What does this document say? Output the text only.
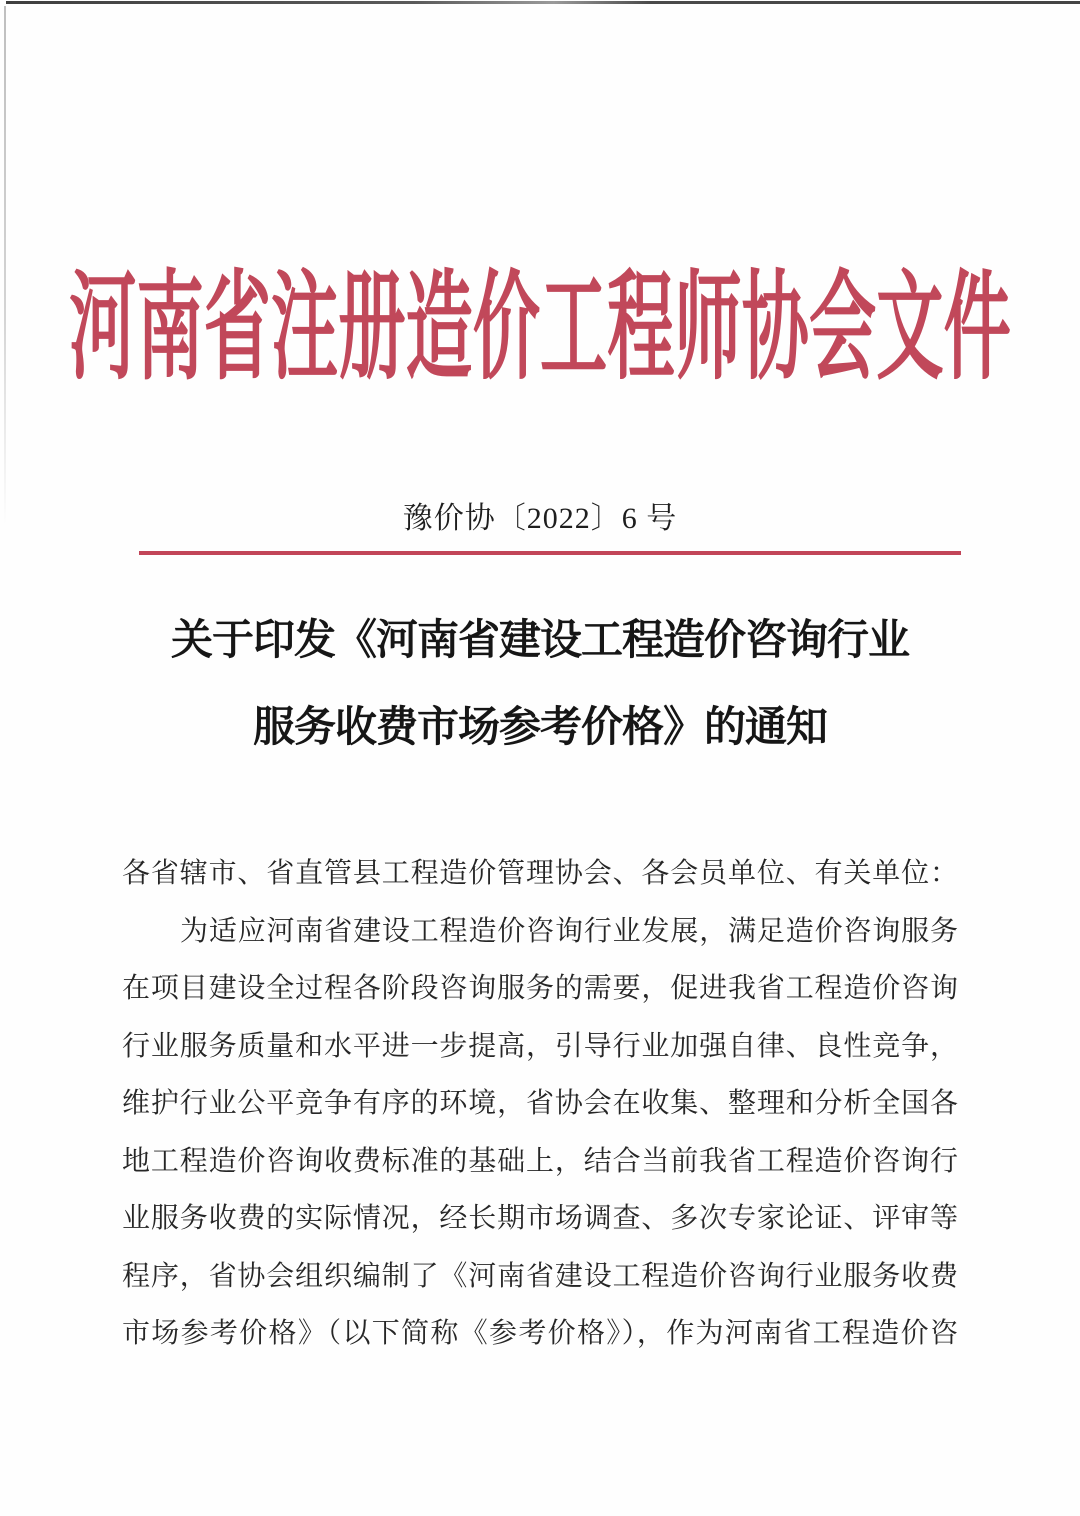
河南省注册造价工程师协会文件
豫价协〔2022〕6 号
关于印发《河南省建设工程造价咨询行业
服务收费市场参考价格》的通知
各省辖市、省直管县工程造价管理协会、各会员单位、有关单位：
为适应河南省建设工程造价咨询行业发展，满足造价咨询服务
在项目建设全过程各阶段咨询服务的需要，促进我省工程造价咨询
行业服务质量和水平进一步提高，引导行业加强自律、良性竞争，
维护行业公平竞争有序的环境，省协会在收集、整理和分析全国各
地工程造价咨询收费标准的基础上，结合当前我省工程造价咨询行
业服务收费的实际情况，经长期市场调查、多次专家论证、评审等
程序，省协会组织编制了《河南省建设工程造价咨询行业服务收费
市场参考价格》（以下简称《参考价格》），作为河南省工程造价咨
